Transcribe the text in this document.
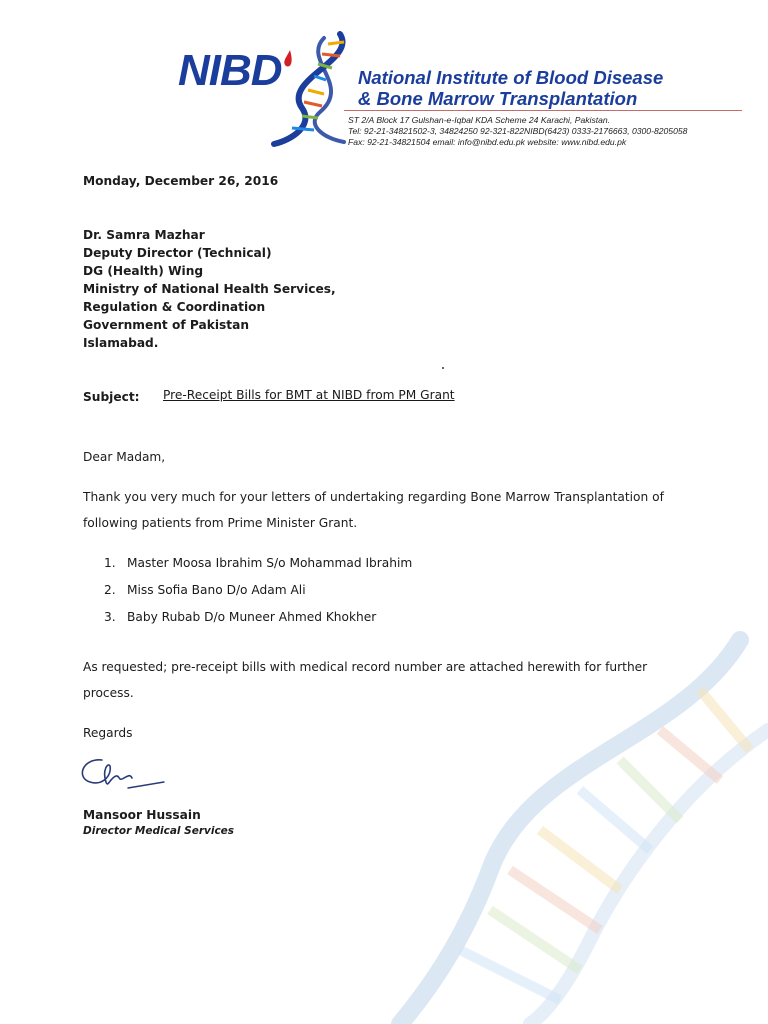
NIBD	National Institute of Blood Disease
& Bone Marrow Transplantation
ST 2/A Block 17 Gulshan-e-Iqbal KDA Scheme 24 Karachi, Pakistan.
Tel: 92-21-34821502-3, 34824250 92-321-822NIBD(6423) 0333-2176663, 0300-8205058
Fax: 92-21-34821504 email: info@nibd.edu.pk website: www.nibd.edu.pk
Monday, December 26, 2016
Dr. Samra Mazhar
Deputy Director (Technical)
DG (Health) Wing
Ministry of National Health Services,
Regulation & Coordination
Government of Pakistan
Islamabad.
Subject: Pre-Receipt Bills for BMT at NIBD from PM Grant
Dear Madam,
Thank you very much for your letters of undertaking regarding Bone Marrow Transplantation of
following patients from Prime Minister Grant.
1. Master Moosa Ibrahim S/o Mohammad Ibrahim
2. Miss Sofia Bano D/o Adam Ali
3. Baby Rubab D/o Muneer Ahmed Khokher
As requested; pre-receipt bills with medical record number are attached herewith for further
process.
Regards
Mansoor Hussain
Director Medical Services
